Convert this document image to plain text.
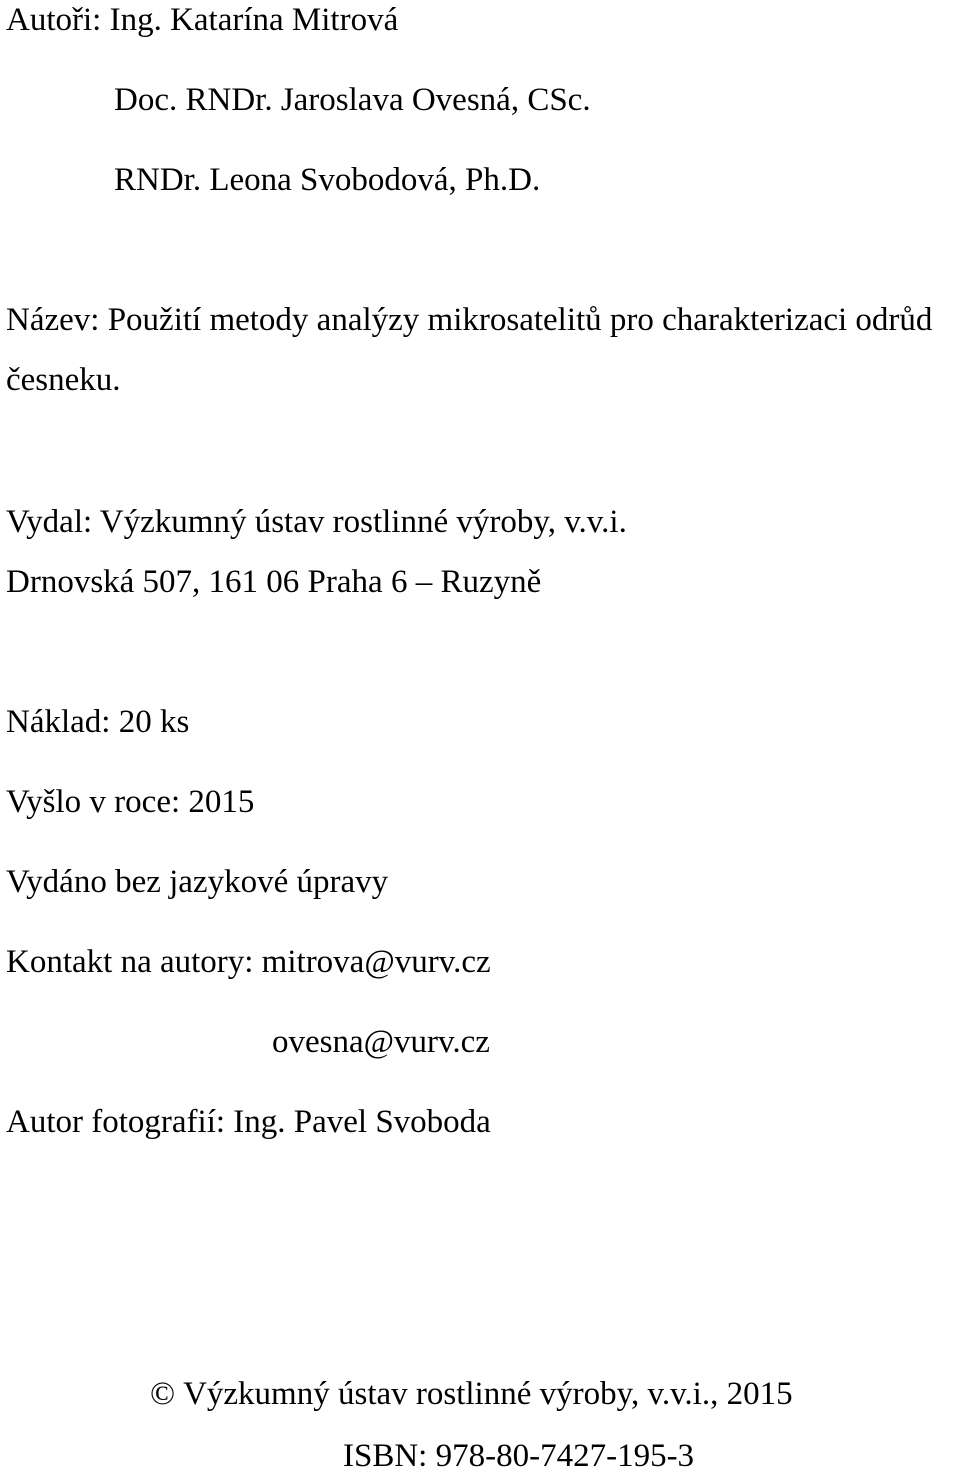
Autoři: Ing. Katarína Mitrová
Doc. RNDr. Jaroslava Ovesná, CSc.
RNDr. Leona Svobodová, Ph.D.
Název: Použití metody analýzy mikrosatelitů pro charakterizaci odrůd
česneku.
Vydal: Výzkumný ústav rostlinné výroby, v.v.i.
Drnovská 507, 161 06 Praha 6 – Ruzyně
Náklad: 20 ks
Vyšlo v roce: 2015
Vydáno bez jazykové úpravy
Kontakt na autory: mitrova@vurv.cz
ovesna@vurv.cz
Autor fotografií: Ing. Pavel Svoboda
© Výzkumný ústav rostlinné výroby, v.v.i., 2015
ISBN: 978-80-7427-195-3
